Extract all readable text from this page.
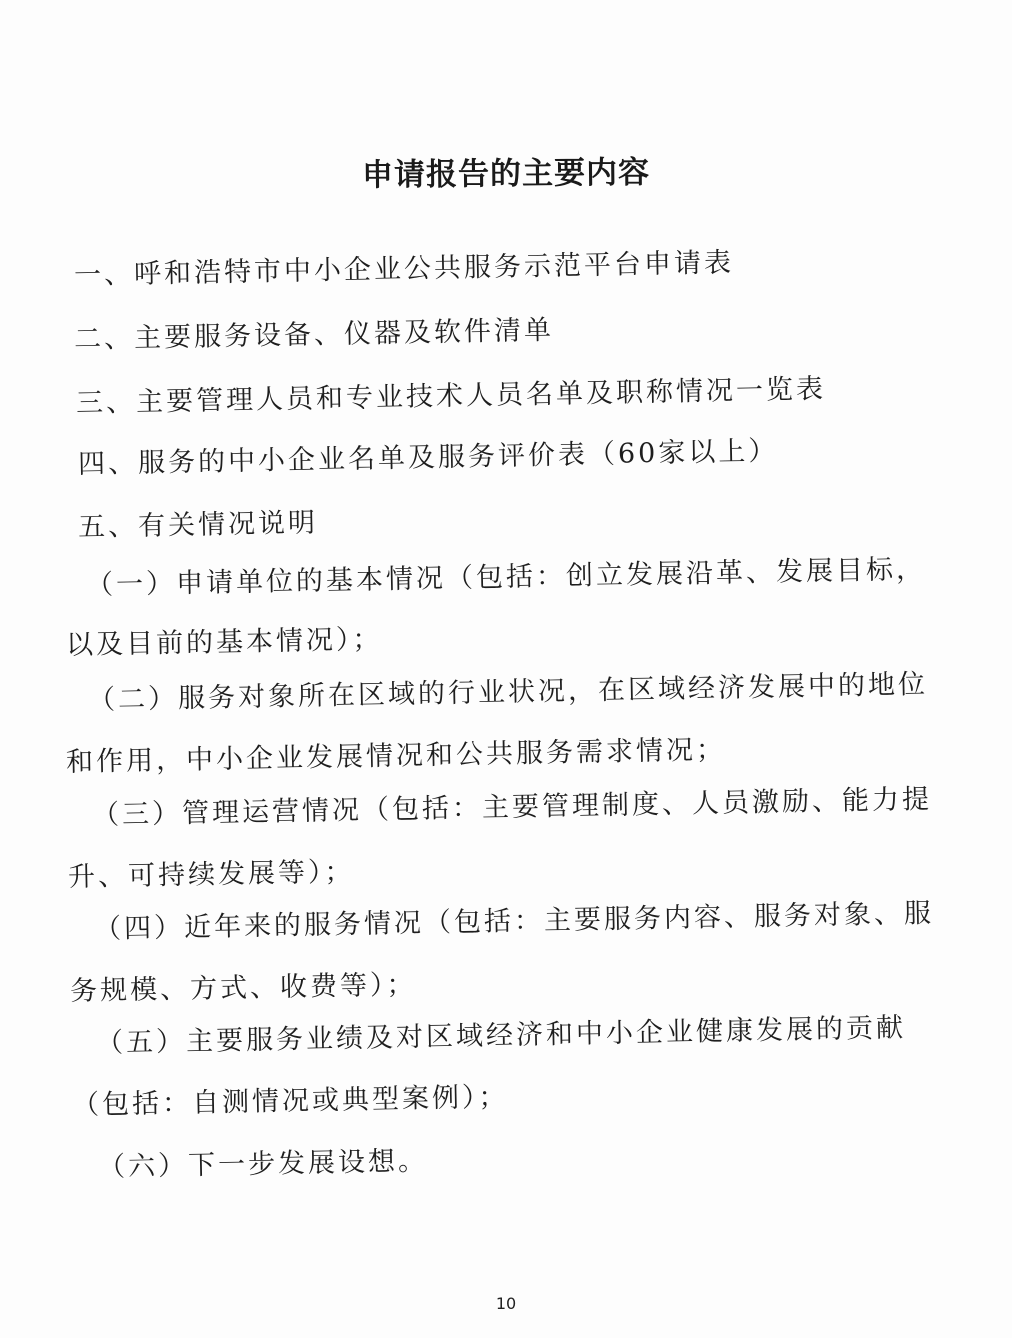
申请报告的主要内容
一、呼和浩特市中小企业公共服务示范平台申请表
二、主要服务设备、仪器及软件清单
三、主要管理人员和专业技术人员名单及职称情况一览表
四、服务的中小企业名单及服务评价表（60家以上）
五、有关情况说明
（一）申请单位的基本情况（包括：创立发展沿革、发展目标，
以及目前的基本情况）；
（二）服务对象所在区域的行业状况，在区域经济发展中的地位
和作用，中小企业发展情况和公共服务需求情况；
（三）管理运营情况（包括：主要管理制度、人员激励、能力提
升、可持续发展等）；
（四）近年来的服务情况（包括：主要服务内容、服务对象、服
务规模、方式、收费等）；
（五）主要服务业绩及对区域经济和中小企业健康发展的贡献
（包括：自测情况或典型案例）；
（六）下一步发展设想。
10
